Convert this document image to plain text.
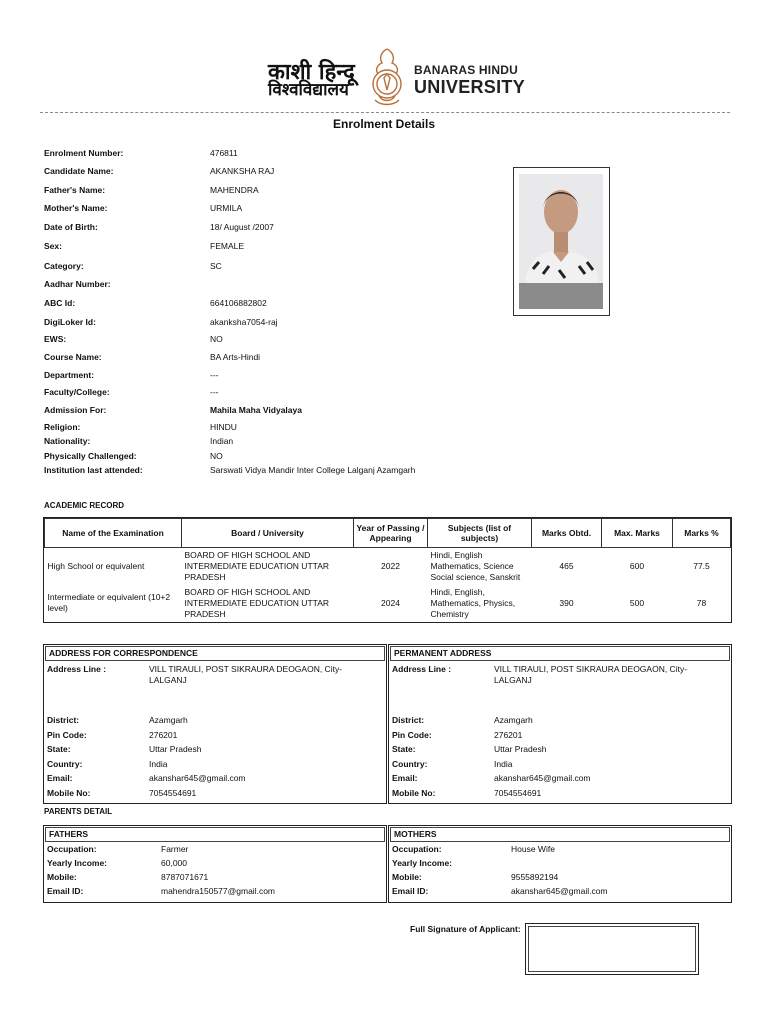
काशी हिन्दू
विश्वविद्यालय
BANARAS HINDU
UNIVERSITY
Enrolment Details
Enrolment Number:	476811
Candidate Name:	AKANKSHA RAJ
Father's Name:	MAHENDRA
Mother's Name:	URMILA
Date of Birth:	18/ August /2007
Sex:	FEMALE
Category:	SC
Aadhar Number:
ABC Id:	664106882802
DigiLoker Id:	akanksha7054-raj
EWS:	NO
Course Name:	BA Arts-Hindi
Department:	---
Faculty/College:	---
Admission For:	Mahila Maha Vidyalaya
Religion:	HINDU
Nationality:	Indian
Physically Challenged:	NO
Institution last attended:	Sarswati Vidya Mandir Inter College Lalganj Azamgarh
ACADEMIC RECORD
Name of the Examination	Board / University	Year of Passing / Appearing	Subjects (list of subjects)	Marks Obtd.	Max. Marks	Marks %
High School or equivalent	BOARD OF HIGH SCHOOL AND INTERMEDIATE EDUCATION UTTAR PRADESH	2022	Hindi, English Mathematics, Science Social science, Sanskrit	465	600	77.5
Intermediate or equivalent (10+2 level)	BOARD OF HIGH SCHOOL AND INTERMEDIATE EDUCATION UTTAR PRADESH	2024	Hindi, English, Mathematics, Physics, Chemistry	390	500	78
ADDRESS FOR CORRESPONDENCE
Address Line :	VILL TIRAULI, POST SIKRAURA DEOGAON, City-
LALGANJ
District:	Azamgarh
Pin Code:	276201
State:	Uttar Pradesh
Country:	India
Email:	akanshar645@gmail.com
Mobile No:	7054554691
PERMANENT ADDRESS
Address Line :	VILL TIRAULI, POST SIKRAURA DEOGAON, City-
LALGANJ
District:	Azamgarh
Pin Code:	276201
State:	Uttar Pradesh
Country:	India
Email:	akanshar645@gmail.com
Mobile No:	7054554691
PARENTS DETAIL
FATHERS
Occupation:	Farmer
Yearly Income:	60,000
Mobile:	8787071671
Email ID:	mahendra150577@gmail.com
MOTHERS
Occupation:	House Wife
Yearly Income:
Mobile:	9555892194
Email ID:	akanshar645@gmail.com
Full Signature of Applicant:
